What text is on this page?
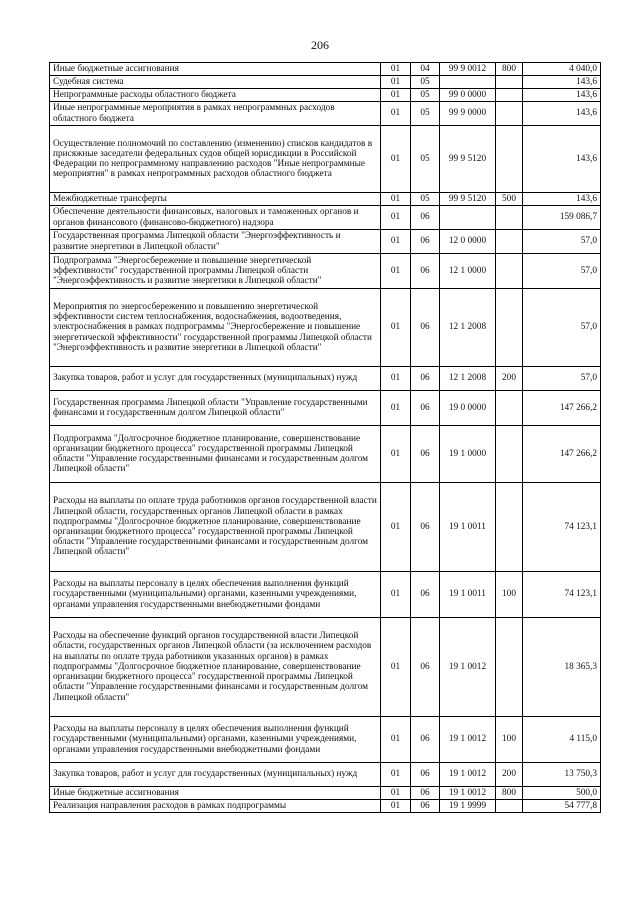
206
Иные бюджетные ассигнования	01	04	99 9 0012	800	4 040,0
Судебная система	01	05			143,6
Непрограммные расходы областного бюджета	01	05	99 0 0000		143,6
Иные непрограммные мероприятия в рамках непрограммных расходов областного бюджета	01	05	99 9 0000		143,6
Осуществление полномочий по составлению (изменению) списков кандидатов в присяжные заседатели федеральных судов общей юрисдикции в Российской Федерации по непрограммному направлению расходов "Иные непрограммные мероприятия" в рамках непрограммных расходов областного бюджета	01	05	99 9 5120		143,6
Межбюджетные трансферты	01	05	99 9 5120	500	143,6
Обеспечение деятельности финансовых, налоговых и таможенных органов и органов финансового (финансово-бюджетного) надзора	01	06			159 086,7
Государственная программа Липецкой области "Энергоэффективность и развитие энергетики в Липецкой области"	01	06	12 0 0000		57,0
Подпрограмма "Энергосбережение и повышение энергетической эффективности" государственной программы Липецкой области "Энергоэффективность и развитие энергетики в Липецкой области"	01	06	12 1 0000		57,0
Мероприятия по энергосбережению и повышению энергетической эффективности систем теплоснабжения, водоснабжения, водоотведения, электроснабжения в рамках подпрограммы "Энергосбережение и повышение энергетической эффективности" государственной программы Липецкой области "Энергоэффективность и развитие энергетики в Липецкой области"	01	06	12 1 2008		57,0
Закупка товаров, работ и услуг для государственных (муниципальных) нужд	01	06	12 1 2008	200	57,0
Государственная программа Липецкой области "Управление государственными финансами и государственным долгом Липецкой области"	01	06	19 0 0000		147 266,2
Подпрограмма "Долгосрочное бюджетное планирование, совершенствование организации бюджетного процесса" государственной программы Липецкой области "Управление государственными финансами и государственным долгом Липецкой области"	01	06	19 1 0000		147 266,2
Расходы на выплаты по оплате труда работников органов государственной власти Липецкой области, государственных органов Липецкой области в рамках подпрограммы "Долгосрочное бюджетное планирование, совершенствование организации бюджетного процесса" государственной программы Липецкой области "Управление государственными финансами и государственным долгом Липецкой области"	01	06	19 1 0011		74 123,1
Расходы на выплаты персоналу в целях обеспечения выполнения функций государственными (муниципальными) органами, казенными учреждениями, органами управления государственными внебюджетными фондами	01	06	19 1 0011	100	74 123,1
Расходы на обеспечение функций органов государственной власти Липецкой области, государственных органов Липецкой области (за исключением расходов на выплаты по оплате труда работников указанных органов) в рамках подпрограммы "Долгосрочное бюджетное планирование, совершенствование организации бюджетного процесса" государственной программы Липецкой области "Управление государственными финансами и государственным долгом Липецкой области"	01	06	19 1 0012		18 365,3
Расходы на выплаты персоналу в целях обеспечения выполнения функций государственными (муниципальными) органами, казенными учреждениями, органами управления государственными внебюджетными фондами	01	06	19 1 0012	100	4 115,0
Закупка товаров, работ и услуг для государственных (муниципальных) нужд	01	06	19 1 0012	200	13 750,3
Иные бюджетные ассигнования	01	06	19 1 0012	800	500,0
Реализация направления расходов в рамках подпрограммы	01	06	19 1 9999		54 777,8
